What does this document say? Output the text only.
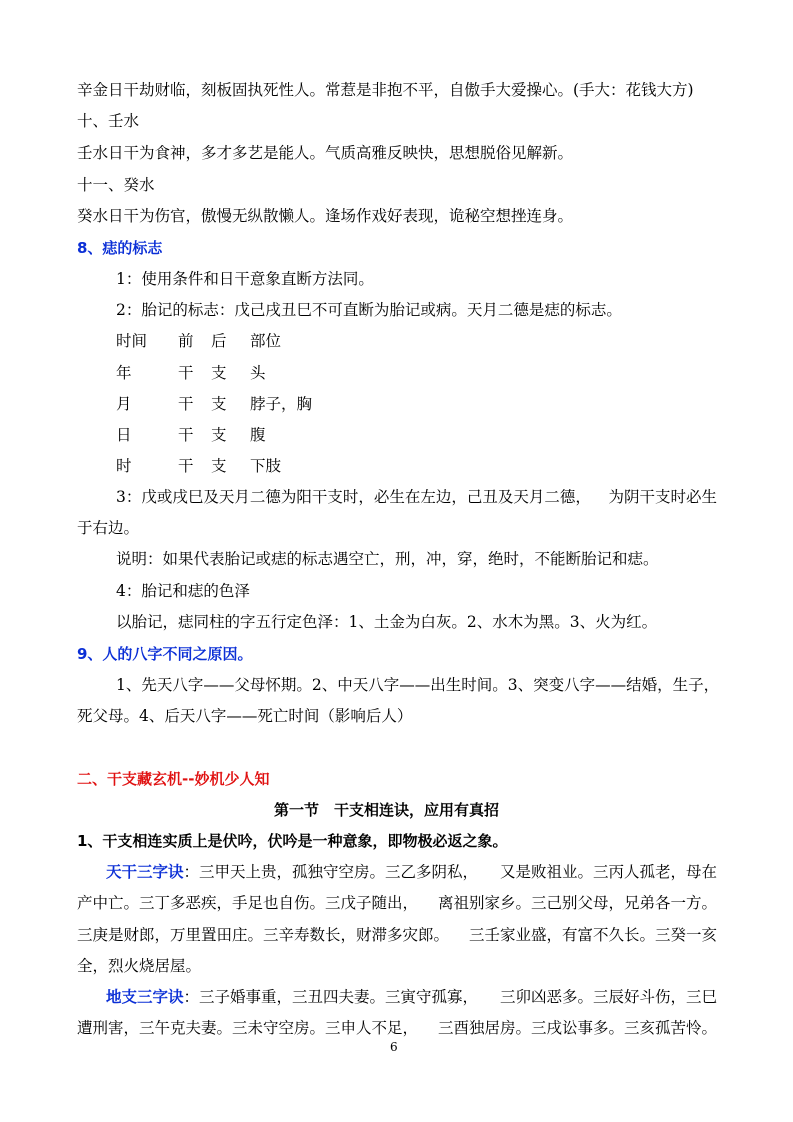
辛金日干劫财临，刻板固执死性人。常惹是非抱不平，自傲手大爱操心。(手大：花钱大方)
十、壬水
壬水日干为食神，多才多艺是能人。气质高雅反映快，思想脱俗见解新。
十一、癸水
癸水日干为伤官，傲慢无纵散懒人。逢场作戏好表现，诡秘空想挫连身。
8、痣的标志
1：使用条件和日干意象直断方法同。
2：胎记的标志：戊己戌丑巳不可直断为胎记或病。天月二德是痣的标志。
时间 前 后 部位
年	干 支 头
月	干 支 脖子，胸
日	干 支 腹
时	干 支 下肢
3：戊或戌巳及天月二德为阳干支时，必生在左边，己丑及天月二德， 为阴干支时必生
于右边。
说明：如果代表胎记或痣的标志遇空亡，刑，冲，穿，绝时，不能断胎记和痣。
4：胎记和痣的色泽
以胎记，痣同柱的字五行定色泽：1、土金为白灰。2、水木为黑。3、火为红。
9、人的八字不同之原因。
1、先天八字——父母怀期。2、中天八字——出生时间。 3、突变八字——结婚，生子，
死父母。4、后天八字——死亡时间（影响后人）
二、干支藏玄机--妙机少人知
第一节　干支相连诀，应用有真招
1、干支相连实质上是伏吟，伏吟是一种意象，即物极必返之象。
天干三字诀：三甲天上贵，孤独守空房。三乙多阴私， 又是败祖业。三丙人孤老，母在
产中亡。三丁多恶疾，手足也自伤。三戊子随出， 离祖别家乡。三己别父母，兄弟各一方。
三庚是财郎，万里置田庄。三辛寿数长，财滞多灾郎。 三壬家业盛，有富不久长。三癸一亥
全，烈火烧居屋。
地支三字诀：三子婚事重，三丑四夫妻。三寅守孤寡， 三卯凶恶多。三辰好斗伤，三巳
遭刑害，三午克夫妻。三未守空房。三申人不足， 三酉独居房。三戌讼事多。三亥孤苦怜。
6
